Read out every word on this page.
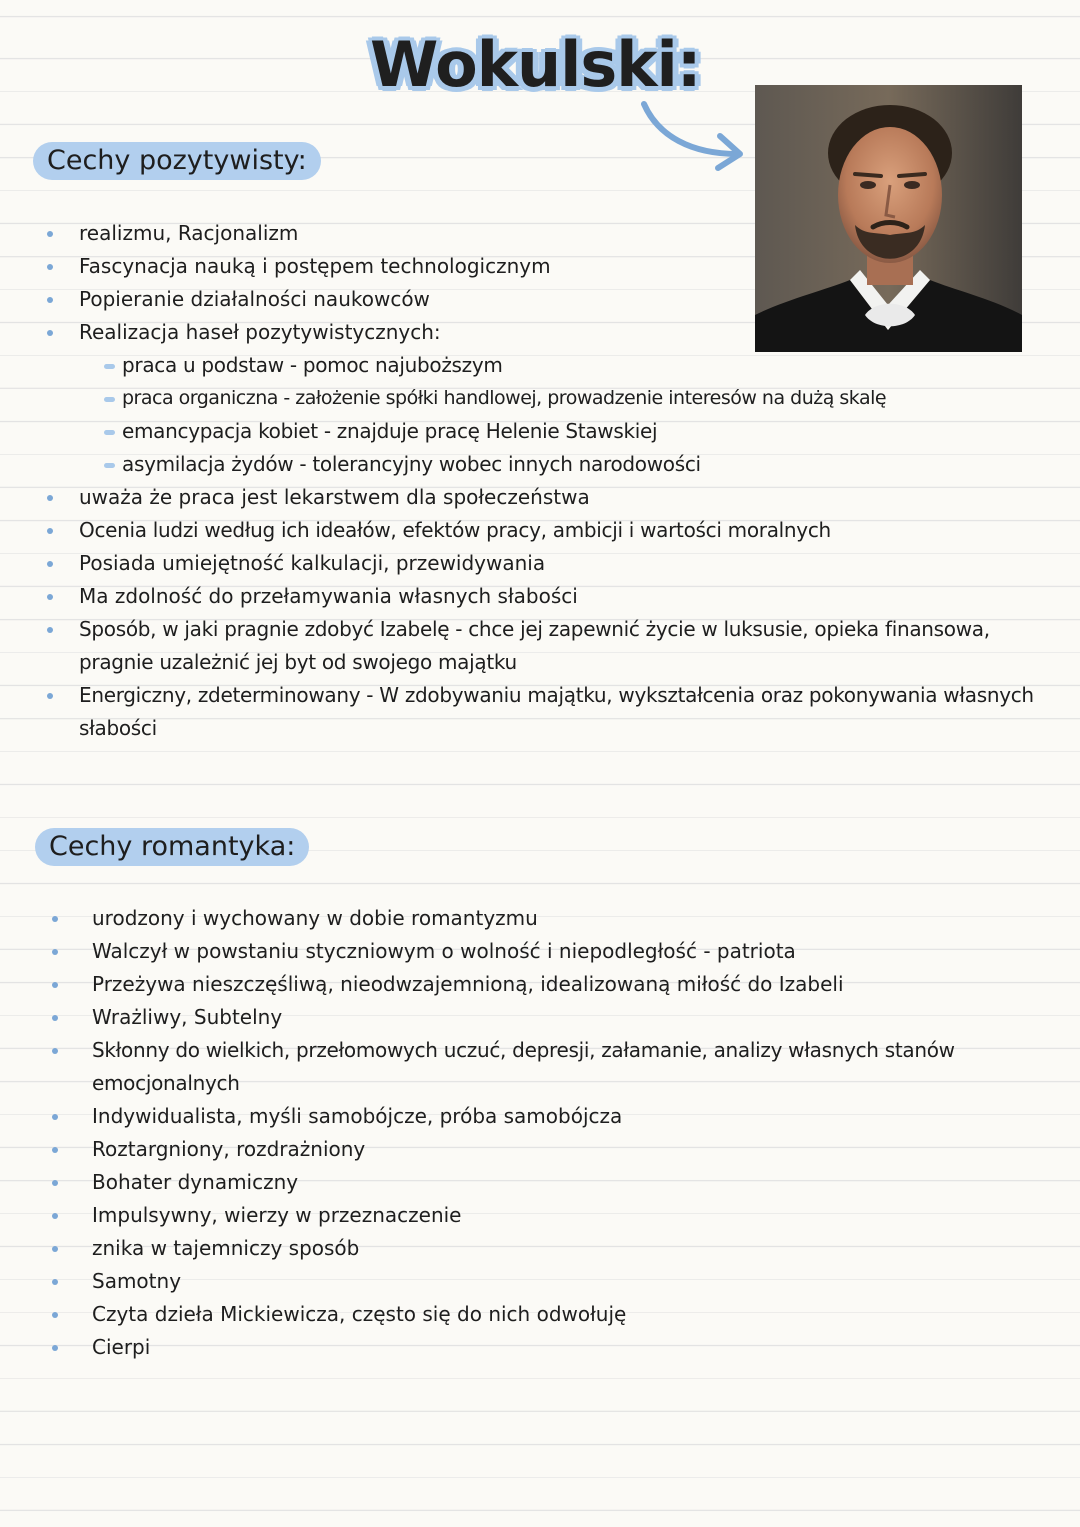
Wokulski:
Cechy pozytywisty:
realizmu, Racjonalizm
Fascynacja nauką i postępem technologicznym
Popieranie działalności naukowców
Realizacja haseł pozytywistycznych:
praca u podstaw - pomoc najuboższym
praca organiczna - założenie spółki handlowej, prowadzenie interesów na dużą skalę
emancypacja kobiet - znajduje pracę Helenie Stawskiej
asymilacja żydów - tolerancyjny wobec innych narodowości
uważa że praca jest lekarstwem dla społeczeństwa
Ocenia ludzi według ich ideałów, efektów pracy, ambicji i wartości moralnych
Posiada umiejętność kalkulacji, przewidywania
Ma zdolność do przełamywania własnych słabości
Sposób, w jaki pragnie zdobyć Izabelę - chce jej zapewnić życie w luksusie, opieka finansowa, pragnie uzależnić jej byt od swojego majątku
Energiczny, zdeterminowany - W zdobywaniu majątku, wykształcenia oraz pokonywania własnych słabości
Cechy romantyka:
urodzony i wychowany w dobie romantyzmu
Walczył w powstaniu styczniowym o wolność i niepodległość - patriota
Przeżywa nieszczęśliwą, nieodwzajemnioną, idealizowaną miłość do Izabeli
Wrażliwy, Subtelny
Skłonny do wielkich, przełomowych uczuć, depresji, załamanie, analizy własnych stanów emocjonalnych
Indywidualista, myśli samobójcze, próba samobójcza
Roztargniony, rozdrażniony
Bohater dynamiczny
Impulsywny, wierzy w przeznaczenie
znika w tajemniczy sposób
Samotny
Czyta dzieła Mickiewicza, często się do nich odwołuję
Cierpi
